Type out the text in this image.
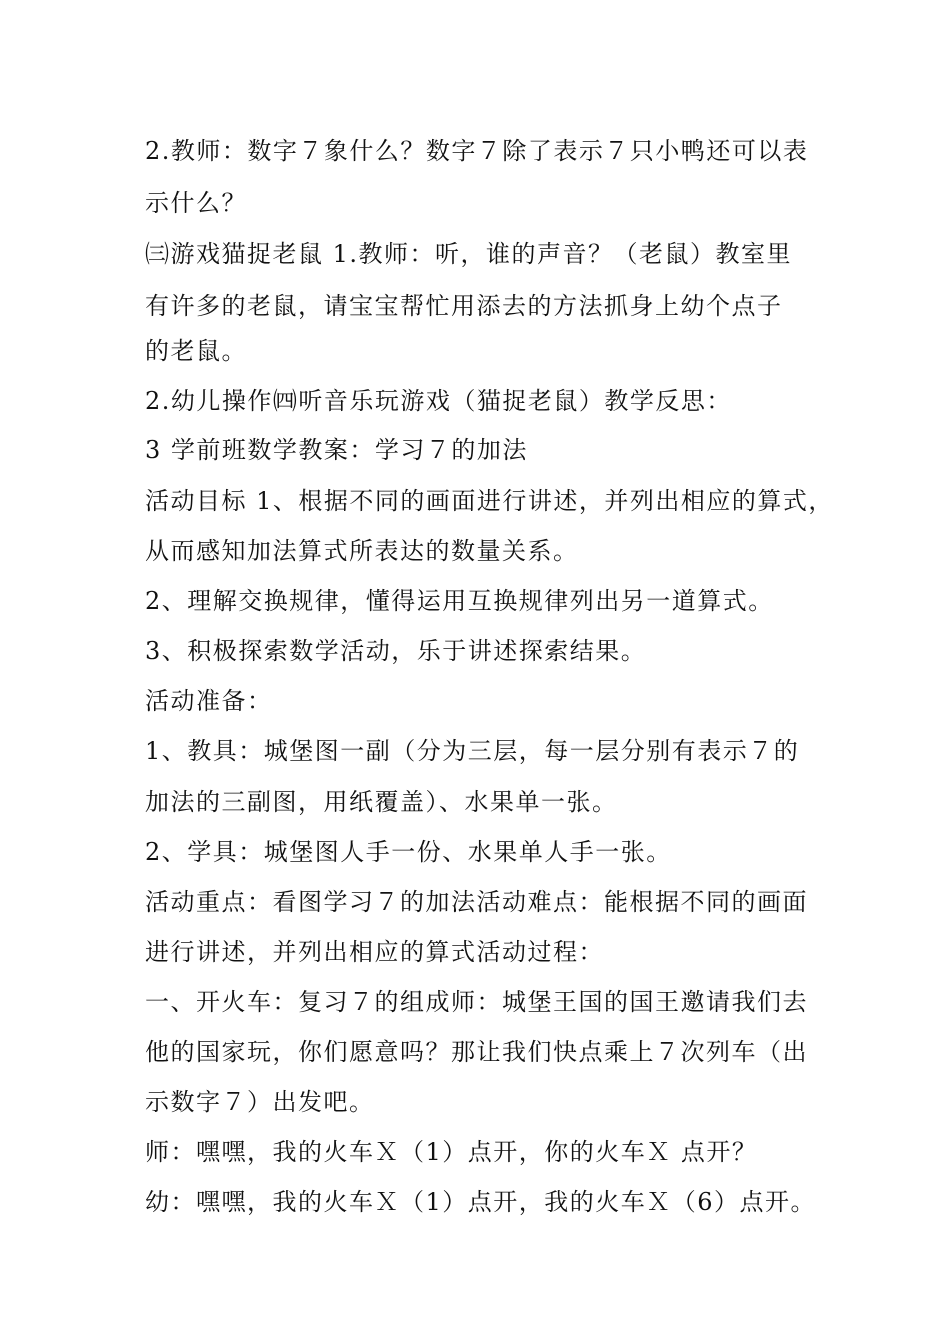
2.教师：数字７象什么？数字７除了表示７只小鸭还可以表
示什么？
㈢游戏猫捉老鼠 1.教师：听，谁的声音？（老鼠）教室里
有许多的老鼠，请宝宝帮忙用添去的方法抓身上幼个点子
的老鼠。
2.幼儿操作㈣听音乐玩游戏（猫捉老鼠）教学反思：
3 学前班数学教案：学习７的加法
活动目标 1、根据不同的画面进行讲述，并列出相应的算式，
从而感知加法算式所表达的数量关系。
2、理解交换规律，懂得运用互换规律列出另一道算式。
3、积极探索数学活动，乐于讲述探索结果。
活动准备：
1、教具：城堡图一副（分为三层，每一层分别有表示７的
加法的三副图，用纸覆盖）、水果单一张。
2、学具：城堡图人手一份、水果单人手一张。
活动重点：看图学习７的加法活动难点：能根据不同的画面
进行讲述，并列出相应的算式活动过程：
一、开火车：复习７的组成师：城堡王国的国王邀请我们去
他的国家玩，你们愿意吗？那让我们快点乘上７次列车（出
示数字７）出发吧。
师：嘿嘿，我的火车Ｘ（1）点开，你的火车Ｘ 点开？
幼：嘿嘿，我的火车Ｘ（1）点开，我的火车Ｘ（6）点开。
